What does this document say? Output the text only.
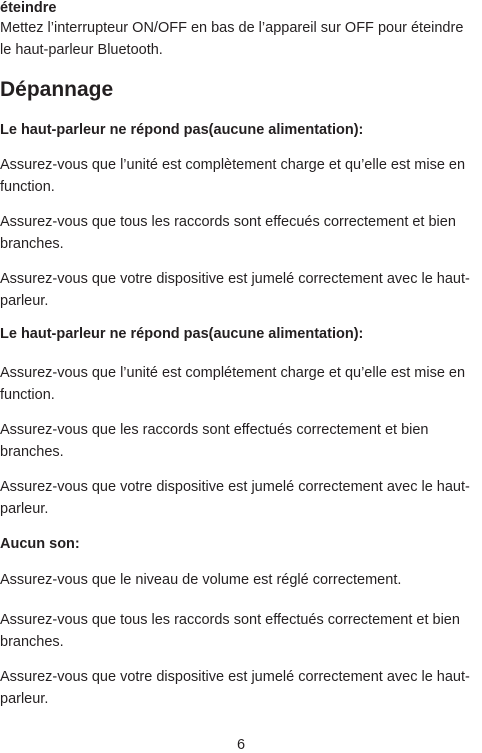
éteindre
Mettez l’interrupteur ON/OFF en bas de l’appareil sur OFF pour éteindre le haut-parleur Bluetooth.
Dépannage
Le haut-parleur ne répond pas(aucune alimentation):
Assurez-vous que l’unité est complètement charge et qu’elle est mise en function.
Assurez-vous que tous les raccords sont effecués correctement et bien branches.
Assurez-vous que votre dispositive est jumelé correctement avec le haut-parleur.
Le haut-parleur ne répond pas(aucune alimentation):
Assurez-vous que l’unité est complétement charge et qu’elle est mise en function.
Assurez-vous que les raccords sont effectués correctement et bien branches.
Assurez-vous que votre dispositive est jumelé correctement avec le haut-parleur.
Aucun son:
Assurez-vous que le niveau de volume est réglé correctement.
Assurez-vous que tous les raccords sont effectués correctement et bien branches.
Assurez-vous que votre dispositive est jumelé correctement avec le haut-parleur.
6
